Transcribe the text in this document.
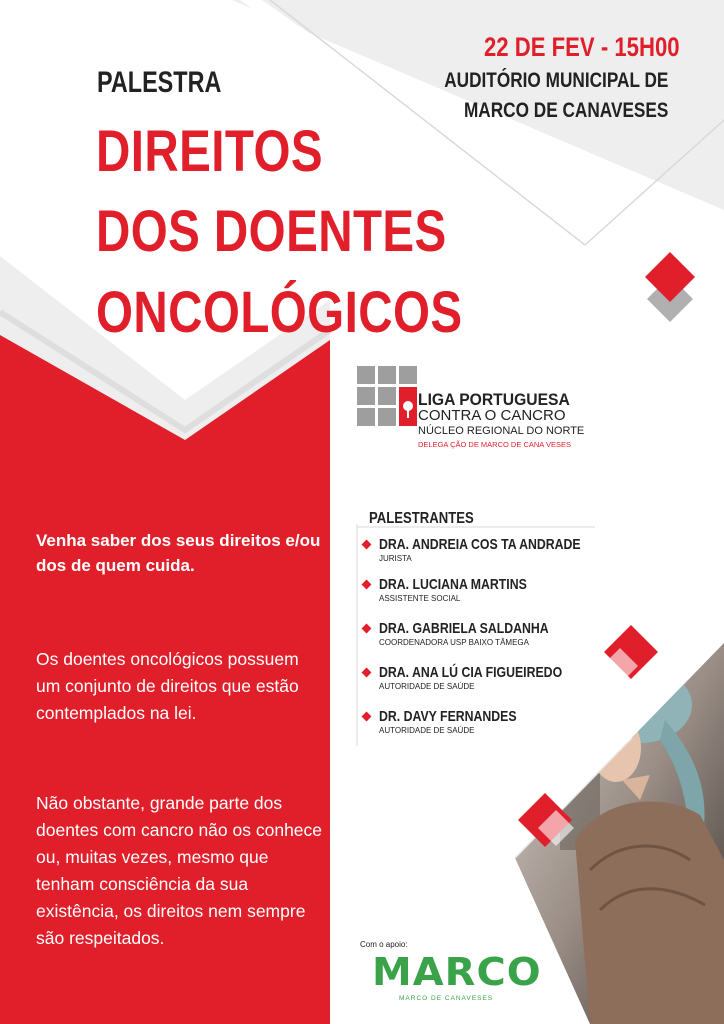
PALESTRA
DIREITOS
DOS DOENTES
ONCOLÓGICOS
22 DE FEV - 15H00
AUDITÓRIO MUNICIPAL DE
MARCO DE CANAVESES
LIGA PORTUGUESA
CONTRA O CANCRO
NÚCLEO REGIONAL DO NORTE
DELEGA ÇÃO DE MARCO DE CANA VESES
Venha saber dos seus direitos e/ou dos de quem cuida.
Os doentes oncológicos possuem um conjunto de direitos que estão contemplados na lei.
Não obstante, grande parte dos doentes com cancro não os conhece ou, muitas vezes, mesmo que tenham consciência da sua existência, os direitos nem sempre são respeitados.
PALESTRANTES
DRA. ANDREIA COS TA ANDRADE
JURISTA
DRA. LUCIANA MARTINS
ASSISTENTE SOCIAL
DRA. GABRIELA SALDANHA
COORDENADORA USP BAIXO TÂMEGA
DRA. ANA LÚ CIA FIGUEIREDO
AUTORIDADE DE SAÚDE
DR. DAVY FERNANDES
AUTORIDADE DE SAÚDE
Com o apoio:
MARCO
MARCO DE CANAVESES
